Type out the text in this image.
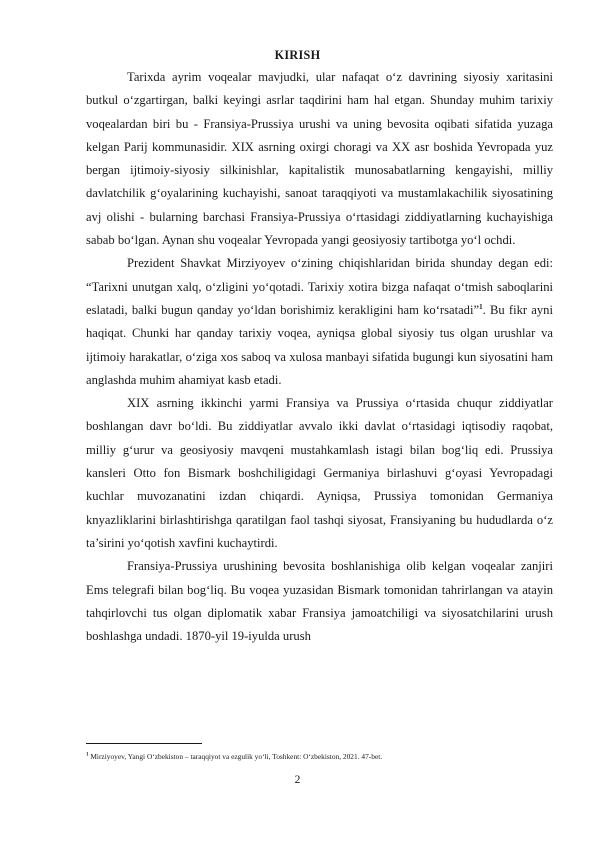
KIRISH

Tarixda ayrim voqealar mavjudki, ular nafaqat o‘z davrining siyosiy xaritasini butkul o‘zgartirgan, balki keyingi asrlar taqdirini ham hal etgan. Shunday muhim tarixiy voqealardan biri bu - Fransiya-Prussiya urushi va uning bevosita oqibati sifatida yuzaga kelgan Parij kommunasidir. XIX asrning oxirgi choragi va XX asr boshida Yevropada yuz bergan ijtimoiy-siyosiy silkinishlar, kapitalistik munosabatlarning kengayishi, milliy davlatchilik g‘oyalarining kuchayishi, sanoat taraqqiyoti va mustamlakachilik siyosatining avj olishi - bularning barchasi Fransiya-Prussiya o‘rtasidagi ziddiyatlarning kuchayishiga sabab bo‘lgan. Aynan shu voqealar Yevropada yangi geosiyosiy tartibotga yo‘l ochdi.

Prezident Shavkat Mirziyoyev o‘zining chiqishlaridan birida shunday degan edi: “Tarixni unutgan xalq, o‘zligini yo‘qotadi. Tarixiy xotira bizga nafaqat o‘tmish saboqlarini eslatadi, balki bugun qanday yo‘ldan borishimiz kerakligini ham ko‘rsatadi”$^1$. Bu fikr ayni haqiqat. Chunki har qanday tarixiy voqea, ayniqsa global siyosiy tus olgan urushlar va ijtimoiy harakatlar, o‘ziga xos saboq va xulosa manbayi sifatida bugungi kun siyosatini ham anglashda muhim ahamiyat kasb etadi.

XIX asrning ikkinchi yarmi Fransiya va Prussiya o‘rtasida chuqur ziddiyatlar boshlangan davr bo‘ldi. Bu ziddiyatlar avvalo ikki davlat o‘rtasidagi iqtisodiy raqobat, milliy g‘urur va geosiyosiy mavqeni mustahkamlash istagi bilan bog‘liq edi. Prussiya kansleri Otto fon Bismark boshchiligidagi Germaniya birlashuvi g‘oyasi Yevropadagi kuchlar muvozanatini izdan chiqardi. Ayniqsa, Prussiya tomonidan Germaniya knyazliklarini birlashtirishga qaratilgan faol tashqi siyosat, Fransiyaning bu hududlarda o‘z ta’sirini yo‘qotish xavfini kuchaytirdi.

Fransiya-Prussiya urushining bevosita boshlanishiga olib kelgan voqealar zanjiri Ems telegrafi bilan bog‘liq. Bu voqea yuzasidan Bismark tomonidan tahrirlangan va atayin tahqirlovchi tus olgan diplomatik xabar Fransiya jamoatchiligi va siyosatchilarini urush boshlashga undadi. 1870-yil 19-iyulda urush

$^1$ Mirziyoyev, Yangi O‘zbekiston – taraqqiyot va ezgulik yo‘li, Toshkent: O‘zbekiston, 2021. 47-bet.
2
